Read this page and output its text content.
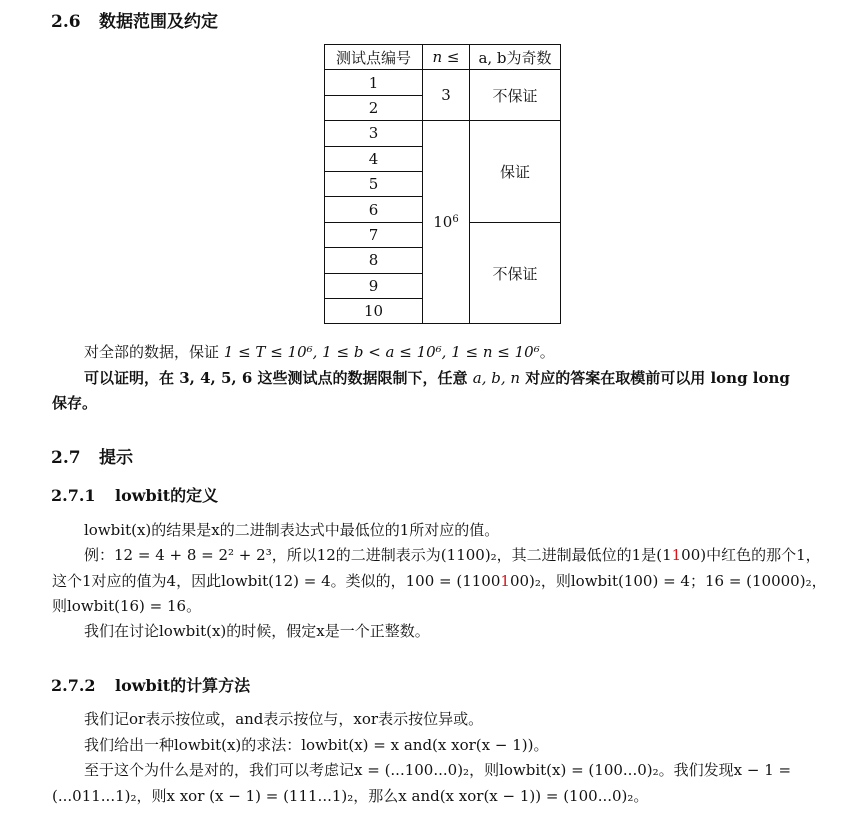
2.6 数据范围及约定
测试点编号	n ≤	a, b为奇数
1	3	不保证
2		
3	$10^6$	保证
4		
5		
6		
7		不保证
8		
9		
10		
对全部的数据，保证 1 ≤ T ≤ 10⁶, 1 ≤ b < a ≤ 10⁶, 1 ≤ n ≤ 10⁶。
可以证明，在 3, 4, 5, 6 这些测试点的数据限制下，任意 a, b, n 对应的答案在取模前可以用 long long
保存。
2.7 提示
2.7.1 lowbit的定义
lowbit(x)的结果是x的二进制表达式中最低位的1所对应的值。
例：12 = 4 + 8 = 2² + 2³，所以12的二进制表示为(1100)₂，其二进制最低位的1是(1100)中红色的那个1，
这个1对应的值为4，因此lowbit(12) = 4。类似的，100 = (1100100)₂，则lowbit(100) = 4；16 = (10000)₂，
则lowbit(16) = 16。
我们在讨论lowbit(x)的时候，假定x是一个正整数。
2.7.2 lowbit的计算方法
我们记or表示按位或，and表示按位与，xor表示按位异或。
我们给出一种lowbit(x)的求法：lowbit(x) = x and(x xor(x − 1))。
至于这个为什么是对的，我们可以考虑记x = (...100...0)₂，则lowbit(x) = (100...0)₂。我们发现x − 1 =
(...011...1)₂，则x xor (x − 1) = (111...1)₂，那么x and(x xor(x − 1)) = (100...0)₂。
